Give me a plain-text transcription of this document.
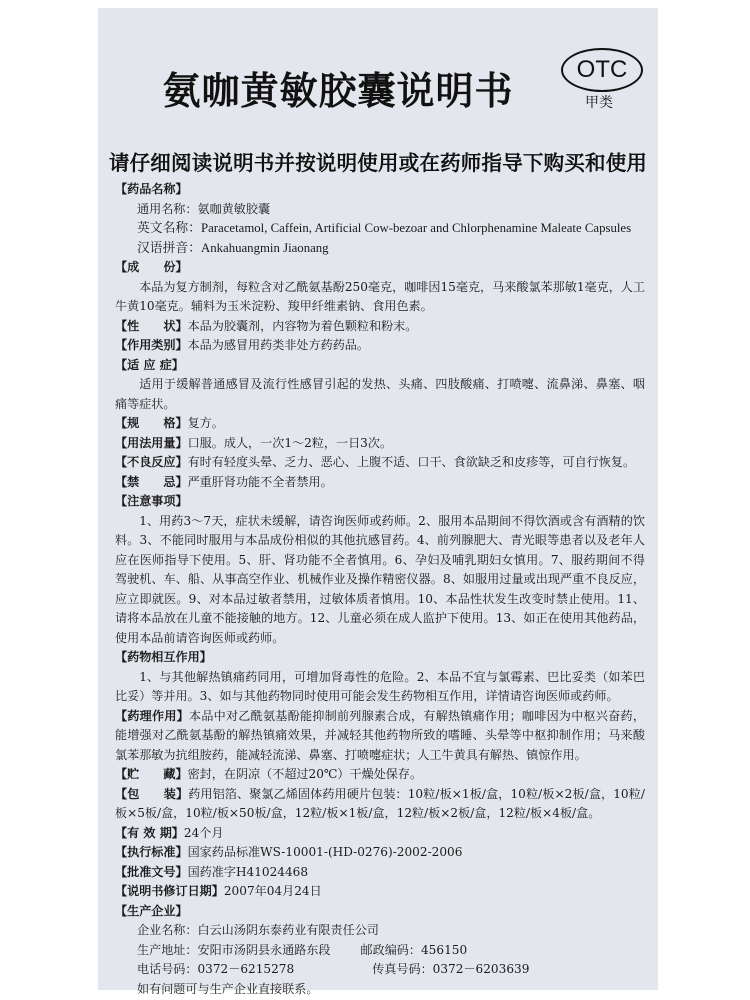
氨咖黄敏胶囊说明书	OTC
甲类
请仔细阅读说明书并按说明使用或在药师指导下购买和使用
【药品名称】
通用名称：氨咖黄敏胶囊
英文名称：Paracetamol, Caffein, Artificial Cow-bezoar and Chlorphenamine Maleate Capsules
汉语拼音：Ankahuangmin Jiaonang
【成　　份】
本品为复方制剂，每粒含对乙酰氨基酚250毫克，咖啡因15毫克，马来酸氯苯那敏1毫克，人工牛黄10毫克。辅料为玉米淀粉、羧甲纤维素钠、食用色素。
【性　　状】本品为胶囊剂，内容物为着色颗粒和粉末。
【作用类别】本品为感冒用药类非处方药药品。
【适 应 症】
适用于缓解普通感冒及流行性感冒引起的发热、头痛、四肢酸痛、打喷嚏、流鼻涕、鼻塞、咽痛等症状。
【规　　格】复方。
【用法用量】口服。成人，一次1～2粒，一日3次。
【不良反应】有时有轻度头晕、乏力、恶心、上腹不适、口干、食欲缺乏和皮疹等，可自行恢复。
【禁　　忌】严重肝肾功能不全者禁用。
【注意事项】
1、用药3～7天，症状未缓解，请咨询医师或药师。2、服用本品期间不得饮酒或含有酒精的饮料。3、不能同时服用与本品成份相似的其他抗感冒药。4、前列腺肥大、青光眼等患者以及老年人应在医师指导下使用。5、肝、肾功能不全者慎用。6、孕妇及哺乳期妇女慎用。7、服药期间不得驾驶机、车、船、从事高空作业、机械作业及操作精密仪器。8、如服用过量或出现严重不良反应，应立即就医。9、对本品过敏者禁用，过敏体质者慎用。10、本品性状发生改变时禁止使用。11、请将本品放在儿童不能接触的地方。12、儿童必须在成人监护下使用。13、如正在使用其他药品，使用本品前请咨询医师或药师。
【药物相互作用】
1、与其他解热镇痛药同用，可增加肾毒性的危险。2、本品不宜与氯霉素、巴比妥类（如苯巴比妥）等并用。3、如与其他药物同时使用可能会发生药物相互作用，详情请咨询医师或药师。
【药理作用】本品中对乙酰氨基酚能抑制前列腺素合成，有解热镇痛作用；咖啡因为中枢兴奋药，能增强对乙酰氨基酚的解热镇痛效果，并减轻其他药物所致的嗜睡、头晕等中枢抑制作用；马来酸氯苯那敏为抗组胺药，能减轻流涕、鼻塞、打喷嚏症状；人工牛黄具有解热、镇惊作用。
【贮　　藏】密封，在阴凉（不超过20℃）干燥处保存。
【包　　装】药用铝箔、聚氯乙烯固体药用硬片包装：10粒/板×1板/盒，10粒/板×2板/盒，10粒/板×5板/盒，10粒/板×50板/盒，12粒/板×1板/盒，12粒/板×2板/盒，12粒/板×4板/盒。
【有 效 期】24个月
【执行标准】国家药品标准WS-10001-(HD-0276)-2002-2006
【批准文号】国药准字H41024468
【说明书修订日期】2007年04月24日
【生产企业】
企业名称：白云山汤阴东泰药业有限责任公司
生产地址：安阳市汤阴县永通路东段 邮政编码：456150
电话号码：0372－6215278	传真号码：0372－6203639
如有问题可与生产企业直接联系。
